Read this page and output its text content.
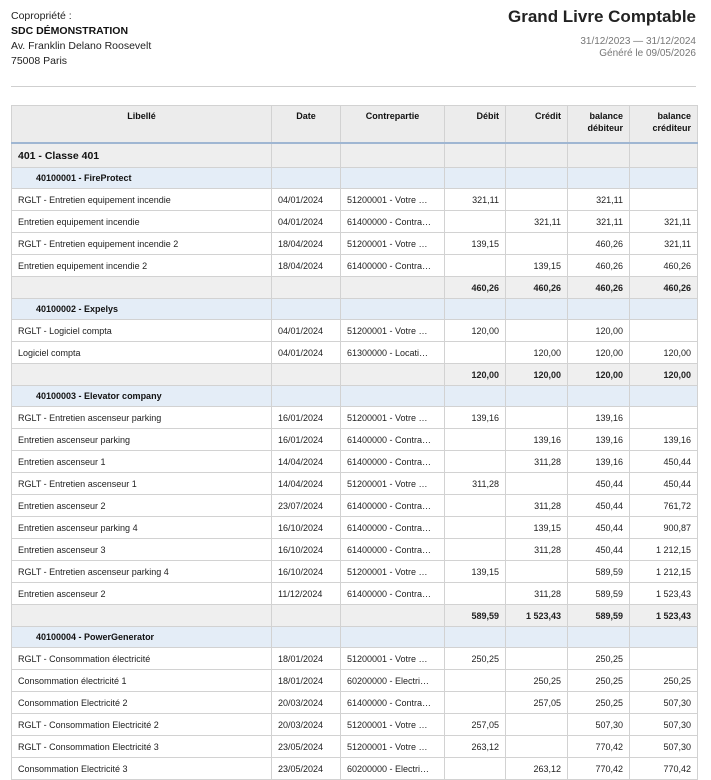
Copropriété :
SDC DÉMONSTRATION
Av. Franklin Delano Roosevelt
75008 Paris
Grand Livre Comptable
31/12/2023 — 31/12/2024
Généré le 09/05/2026
Libellé	Date	Contrepartie	Débit	Crédit	balance débiteur	balance créditeur
401 - Classe 401						
40100001 - FireProtect						
RGLT - Entretien equipement incendie	04/01/2024	51200001 - Votre …	321,11		321,11	
Entretien equipement incendie	04/01/2024	61400000 - Contra…		321,11	321,11	321,11
RGLT - Entretien equipement incendie 2	18/04/2024	51200001 - Votre …	139,15		460,26	321,11
Entretien equipement incendie 2	18/04/2024	61400000 - Contra…		139,15	460,26	460,26
			460,26	460,26	460,26	460,26
40100002 - Expelys						
RGLT - Logiciel compta	04/01/2024	51200001 - Votre …	120,00		120,00	
Logiciel compta	04/01/2024	61300000 - Locati…		120,00	120,00	120,00
			120,00	120,00	120,00	120,00
40100003 - Elevator company						
RGLT - Entretien ascenseur parking	16/01/2024	51200001 - Votre …	139,16		139,16	
Entretien ascenseur parking	16/01/2024	61400000 - Contra…		139,16	139,16	139,16
Entretien ascenseur 1	14/04/2024	61400000 - Contra…		311,28	139,16	450,44
RGLT - Entretien ascenseur 1	14/04/2024	51200001 - Votre …	311,28		450,44	450,44
Entretien ascenseur 2	23/07/2024	61400000 - Contra…		311,28	450,44	761,72
Entretien ascenseur parking 4	16/10/2024	61400000 - Contra…		139,15	450,44	900,87
Entretien ascenseur 3	16/10/2024	61400000 - Contra…		311,28	450,44	1 212,15
RGLT - Entretien ascenseur parking 4	16/10/2024	51200001 - Votre …	139,15		589,59	1 212,15
Entretien ascenseur 2	11/12/2024	61400000 - Contra…		311,28	589,59	1 523,43
			589,59	1 523,43	589,59	1 523,43
40100004 - PowerGenerator						
RGLT - Consommation électricité	18/01/2024	51200001 - Votre …	250,25		250,25	
Consommation électricité 1	18/01/2024	60200000 - Electri…		250,25	250,25	250,25
Consommation Electricité 2	20/03/2024	61400000 - Contra…		257,05	250,25	507,30
RGLT - Consommation Electricité 2	20/03/2024	51200001 - Votre …	257,05		507,30	507,30
RGLT - Consommation Electricité 3	23/05/2024	51200001 - Votre …	263,12		770,42	507,30
Consommation Electricité 3	23/05/2024	60200000 - Electri…		263,12	770,42	770,42
